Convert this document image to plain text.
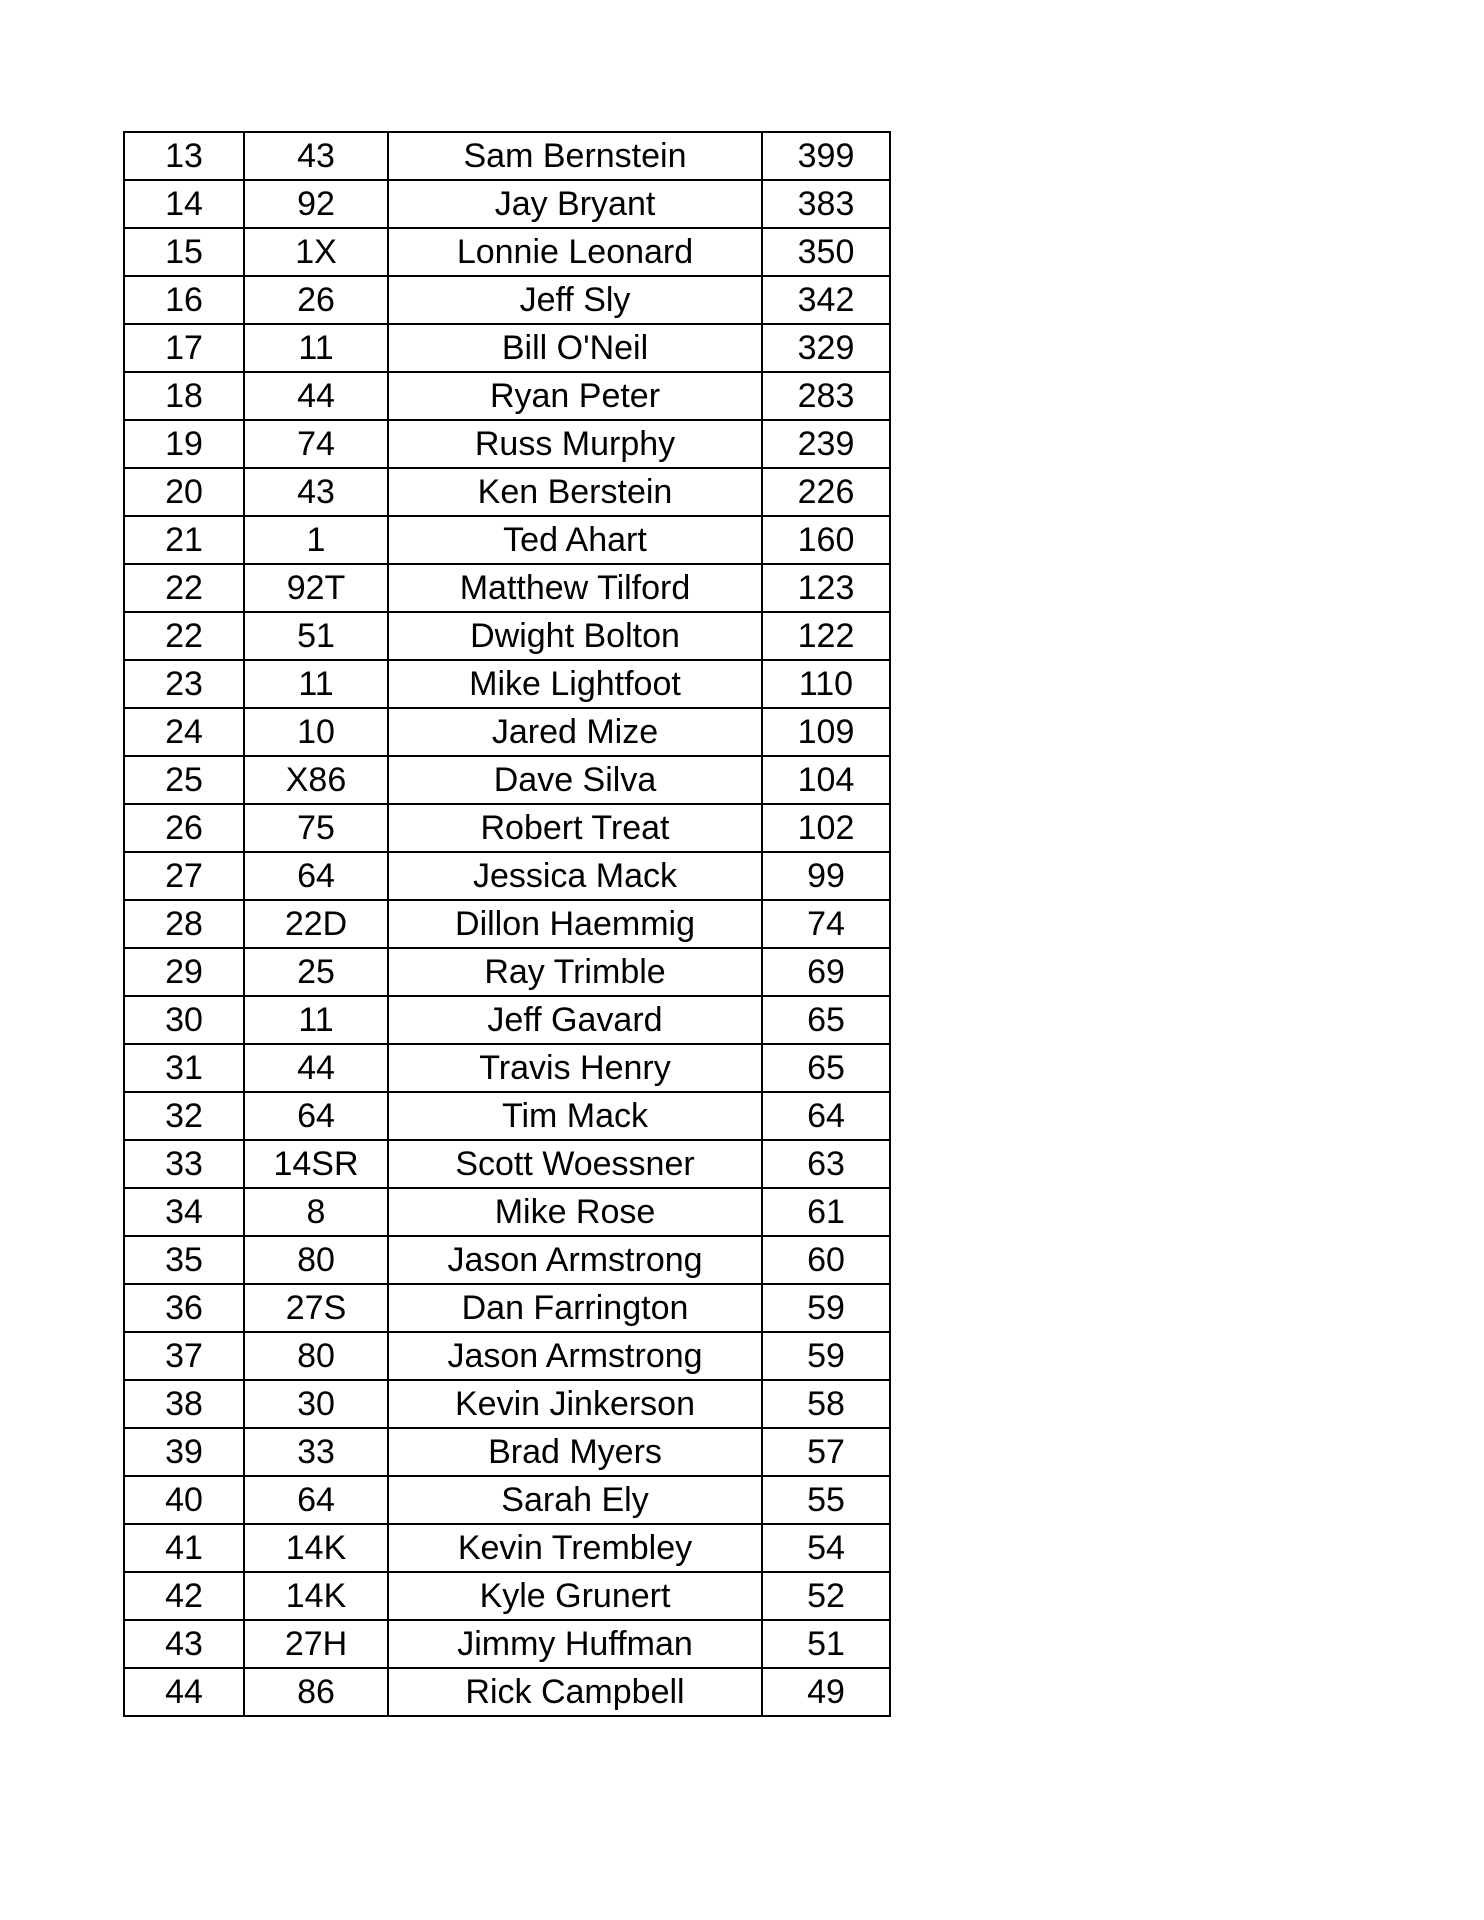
13	43	Sam Bernstein	399
14	92	Jay Bryant	383
15	1X	Lonnie Leonard	350
16	26	Jeff Sly	342
17	11	Bill O'Neil	329
18	44	Ryan Peter	283
19	74	Russ Murphy	239
20	43	Ken Berstein	226
21	1	Ted Ahart	160
22	92T	Matthew Tilford	123
22	51	Dwight Bolton	122
23	11	Mike Lightfoot	110
24	10	Jared Mize	109
25	X86	Dave Silva	104
26	75	Robert Treat	102
27	64	Jessica Mack	99
28	22D	Dillon Haemmig	74
29	25	Ray Trimble	69
30	11	Jeff Gavard	65
31	44	Travis Henry	65
32	64	Tim Mack	64
33	14SR	Scott Woessner	63
34	8	Mike Rose	61
35	80	Jason Armstrong	60
36	27S	Dan Farrington	59
37	80	Jason Armstrong	59
38	30	Kevin Jinkerson	58
39	33	Brad Myers	57
40	64	Sarah Ely	55
41	14K	Kevin Trembley	54
42	14K	Kyle Grunert	52
43	27H	Jimmy Huffman	51
44	86	Rick Campbell	49
